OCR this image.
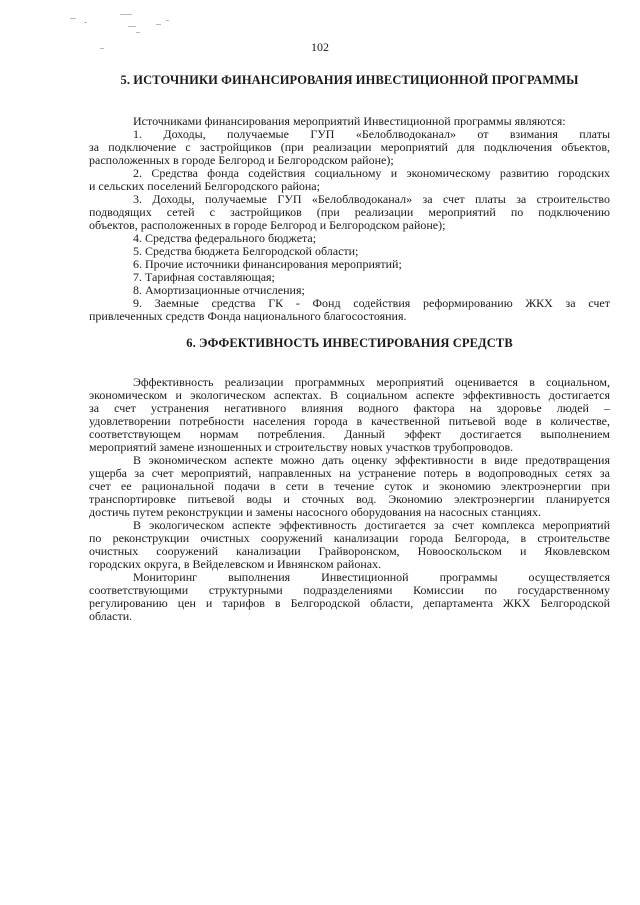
102
5. ИСТОЧНИКИ ФИНАНСИРОВАНИЯ ИНВЕСТИЦИОННОЙ ПРОГРАММЫ
Источниками финансирования мероприятий Инвестиционной программы являются:
1. Доходы, получаемые ГУП «Белоблводоканал» от взимания платы
за подключение с застройщиков (при реализации мероприятий для подключения объектов,
расположенных в городе Белгород и Белгородском районе);
2. Средства фонда содействия социальному и экономическому развитию городских
и сельских поселений Белгородского района;
3. Доходы, получаемые ГУП «Белоблводоканал» за счет платы за строительство
подводящих сетей с застройщиков (при реализации мероприятий по подключению
объектов, расположенных в городе Белгород и Белгородском районе);
4. Средства федерального бюджета;
5. Средства бюджета Белгородской области;
6. Прочие источники финансирования мероприятий;
7. Тарифная составляющая;
8. Амортизационные отчисления;
9. Заемные средства ГК - Фонд содействия реформированию ЖКХ за счет
привлеченных средств Фонда национального благосостояния.
6. ЭФФЕКТИВНОСТЬ ИНВЕСТИРОВАНИЯ СРЕДСТВ
Эффективность реализации программных мероприятий оценивается в социальном,
экономическом и экологическом аспектах. В социальном аспекте эффективность достигается
за счет устранения негативного влияния водного фактора на здоровье людей –
удовлетворении потребности населения города в качественной питьевой воде в количестве,
соответствующем нормам потребления. Данный эффект достигается выполнением
мероприятий замене изношенных и строительству новых участков трубопроводов.
В экономическом аспекте можно дать оценку эффективности в виде предотвращения
ущерба за счет мероприятий, направленных на устранение потерь в водопроводных сетях за
счет ее рациональной подачи в сети в течение суток и экономию электроэнергии при
транспортировке питьевой воды и сточных вод. Экономию электроэнергии планируется
достичь путем реконструкции и замены насосного оборудования на насосных станциях.
В экологическом аспекте эффективность достигается за счет комплекса мероприятий
по реконструкции очистных сооружений канализации города Белгорода, в строительстве
очистных сооружений канализации Грайворонском, Новооскольском и Яковлевском
городских округа, в Вейделевском и Ивнянском районах.
Мониторинг выполнения Инвестиционной программы осуществляется
соответствующими структурными подразделениями Комиссии по государственному
регулированию цен и тарифов в Белгородской области, департамента ЖКХ Белгородской
области.
